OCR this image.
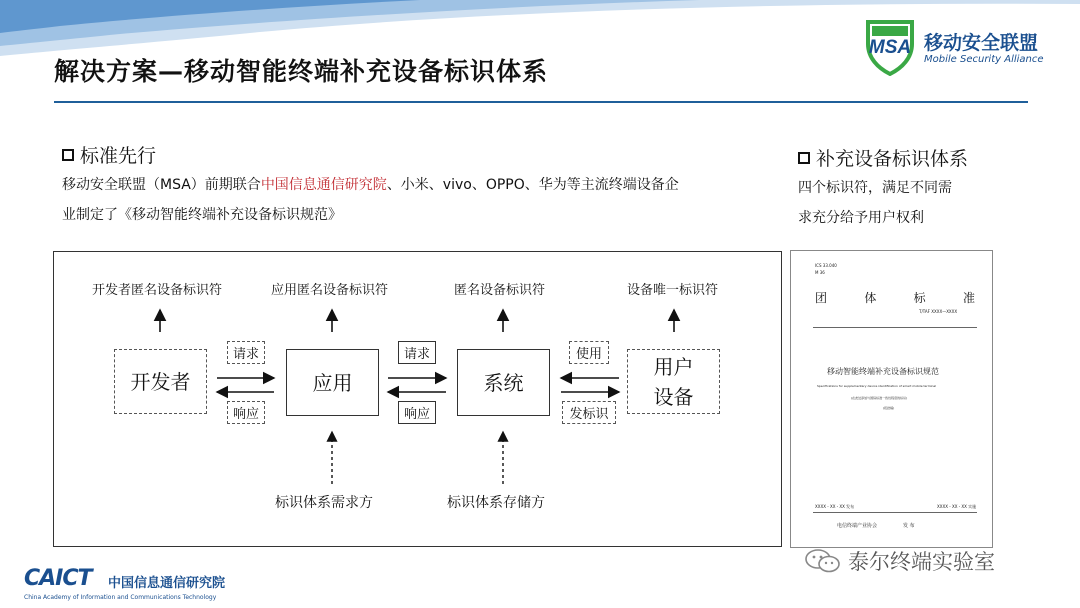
解决方案—移动智能终端补充设备标识体系
MSA 移动安全联盟
Mobile Security Alliance
标准先行
移动安全联盟（MSA）前期联合中国信息通信研究院、小米、vivo、OPPO、华为等主流终端设备企
业制定了《移动智能终端补充设备标识规范》
补充设备标识体系
四个标识符，满足不同需
求充分给予用户权利
开发者匿名设备标识符	应用匿名设备标识符	匿名设备标识符	设备唯一标识符
开发者	应用	系统
用户
设备
请求
响应
请求
响应
使用
发标识
标识体系需求方	标识体系存储方
ICS 33.040
M 36
团	体	标	准
T/TAF XXXX—XXXX
移动智能终端补充设备标识规范
Specifications for supplementary device identification of smart mobile terminal
(在此处添加与国际标准一致性程度的标识)
(报批稿)
XXXX - XX - XX 发布	XXXX - XX - XX 实施
电信终端产业协会	发 布
CAICT	中国信息通信研究院
China Academy of Information and Communications Technology
泰尔终端实验室
